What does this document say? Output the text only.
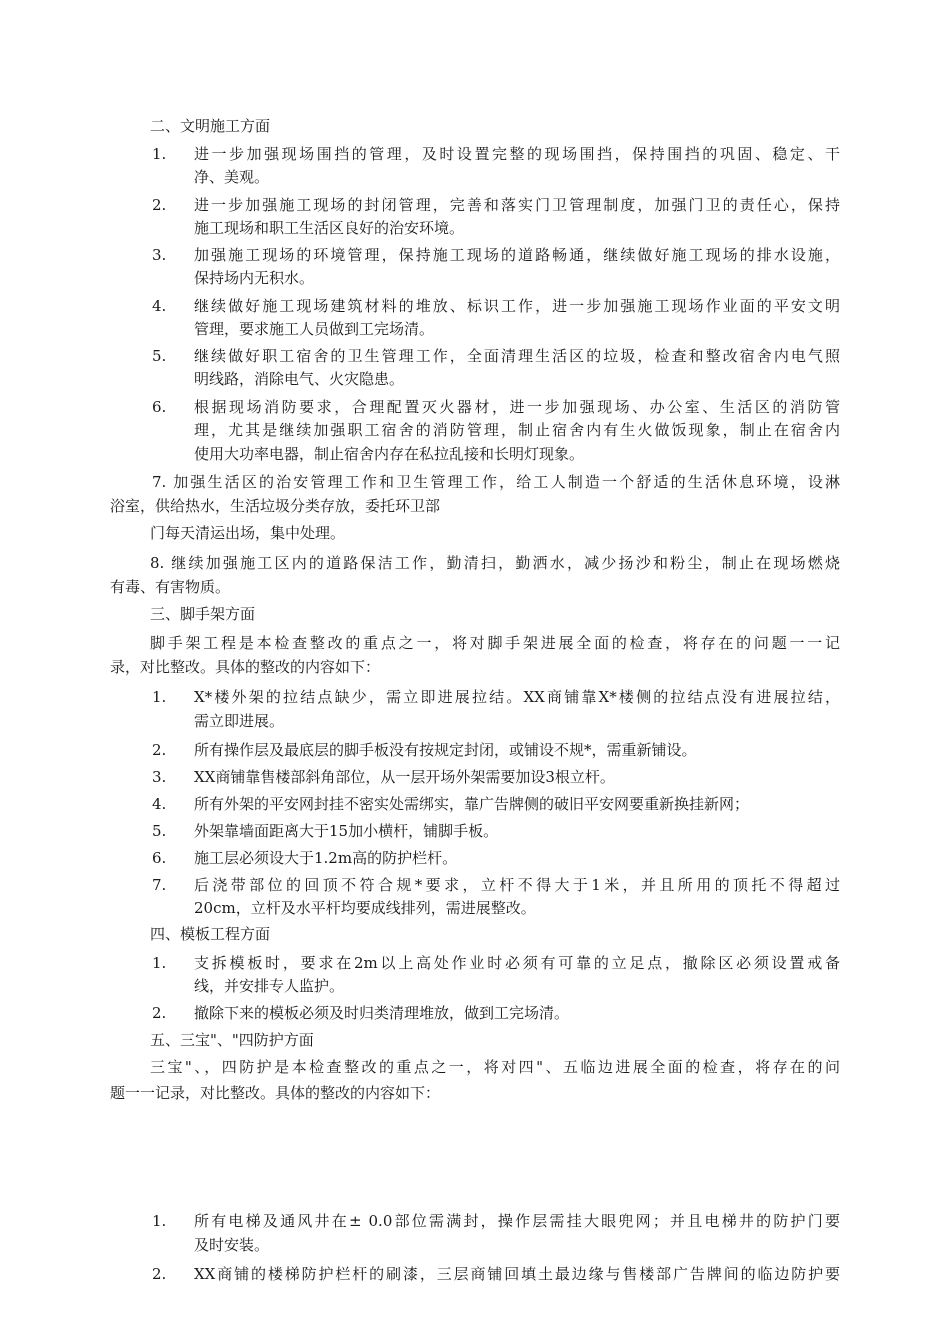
二、文明施工方面
1. 进一步加强现场围挡的管理，及时设置完整的现场围挡，保持围挡的巩固、稳定、干
净、美观。
2. 进一步加强施工现场的封闭管理，完善和落实门卫管理制度，加强门卫的责任心，保持
施工现场和职工生活区良好的治安环境。
3. 加强施工现场的环境管理，保持施工现场的道路畅通，继续做好施工现场的排水设施，
保持场内无积水。
4. 继续做好施工现场建筑材料的堆放、标识工作，进一步加强施工现场作业面的平安文明
管理，要求施工人员做到工完场清。
5. 继续做好职工宿舍的卫生管理工作，全面清理生活区的垃圾，检查和整改宿舍内电气照
明线路，消除电气、火灾隐患。
6. 根据现场消防要求，合理配置灭火器材，进一步加强现场、办公室、生活区的消防管
理，尤其是继续加强职工宿舍的消防管理，制止宿舍内有生火做饭现象，制止在宿舍内
使用大功率电器，制止宿舍内存在私拉乱接和长明灯现象。
7. 加强生活区的治安管理工作和卫生管理工作，给工人制造一个舒适的生活休息环境，设淋
浴室，供给热水，生活垃圾分类存放，委托环卫部
门每天清运出场，集中处理。
8. 继续加强施工区内的道路保洁工作，勤清扫，勤洒水，减少扬沙和粉尘，制止在现场燃烧
有毒、有害物质。
三、脚手架方面
脚手架工程是本检查整改的重点之一，将对脚手架进展全面的检查，将存在的问题一一记
录，对比整改。具体的整改的内容如下：
1. X*楼外架的拉结点缺少，需立即进展拉结。XX商铺靠X*楼侧的拉结点没有进展拉结，
需立即进展。
2. 所有操作层及最底层的脚手板没有按规定封闭，或铺设不规*，需重新铺设。
3. XX商铺靠售楼部斜角部位，从一层开场外架需要加设3根立杆。
4. 所有外架的平安网封挂不密实处需绑实，靠广告牌侧的破旧平安网要重新换挂新网；
5. 外架靠墙面距离大于15加小横杆，铺脚手板。
6. 施工层必须设大于1.2m高的防护栏杆。
7. 后浇带部位的回顶不符合规*要求，立杆不得大于1米，并且所用的顶托不得超过
20cm，立杆及水平杆均要成线排列，需进展整改。
四、模板工程方面
1. 支拆模板时，要求在2m以上高处作业时必须有可靠的立足点，撤除区必须设置戒备
线，并安排专人监护。
2. 撤除下来的模板必须及时归类清理堆放，做到工完场清。
五、三宝"、"四防护方面
三宝"、，四防护是本检查整改的重点之一，将对四"、五临边进展全面的检查，将存在的问
题一一记录，对比整改。具体的整改的内容如下：
1. 所有电梯及通风井在± 0.0部位需满封，操作层需挂大眼兜网；并且电梯井的防护门要
及时安装。
2. XX商铺的楼梯防护栏杆的刷漆，三层商铺回填土最边缘与售楼部广告牌间的临边防护要
